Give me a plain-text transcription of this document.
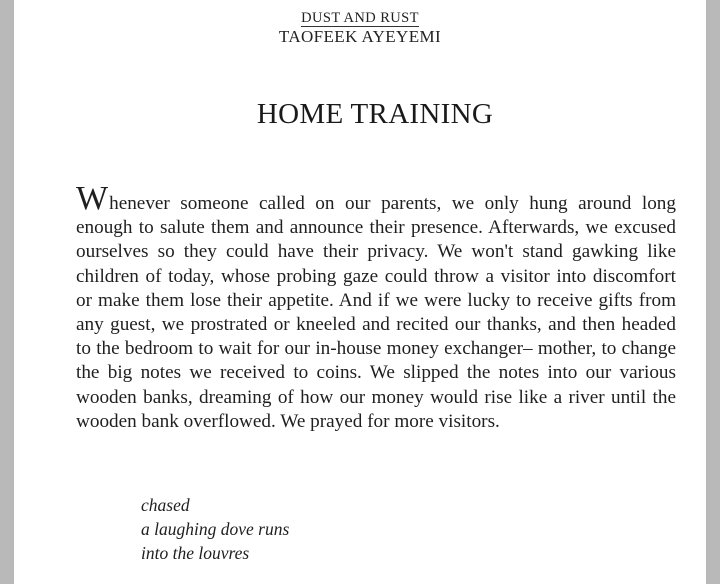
DUST AND RUST
TAOFEEK AYEYEMI
HOME TRAINING
Whenever someone called on our parents, we only hung around long enough to salute them and announce their presence. Afterwards, we excused ourselves so they could have their privacy. We won't stand gawking like children of today, whose probing gaze could throw a visitor into discomfort or make them lose their appetite. And if we were lucky to receive gifts from any guest, we prostrated or kneeled and recited our thanks, and then headed to the bedroom to wait for our in-house money exchanger– mother, to change the big notes we received to coins. We slipped the notes into our various wooden banks, dreaming of how our money would rise like a river until the wooden bank overflowed. We prayed for more visitors.
chased
a laughing dove runs
into the louvres
